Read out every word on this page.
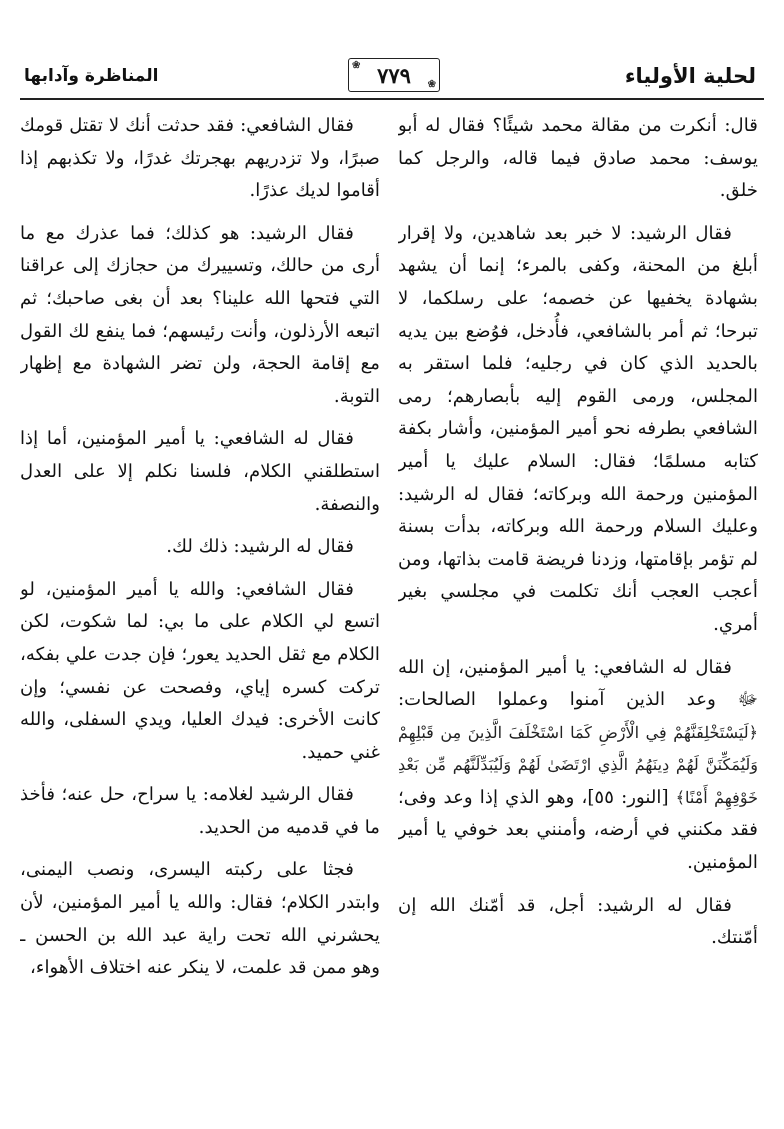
لحلية الأولياء
❀ ٧٧٩ ❀
المناظرة وآدابها

قال: أنكرت من مقالة محمد شيئًا؟ فقال له أبو يوسف: محمد صادق فيما قاله، والرجل كما خلق.

فقال الرشيد: لا خبر بعد شاهدين، ولا إقرار أبلغ من المحنة، وكفى بالمرء؛ إنما أن يشهد بشهادة يخفيها عن خصمه؛ على رسلكما، لا تبرحا؛ ثم أمر بالشافعي، فأُدخل، فوُضع بين يديه بالحديد الذي كان في رجليه؛ فلما استقر به المجلس، ورمى القوم إليه بأبصارهم؛ رمى الشافعي بطرفه نحو أمير المؤمنين، وأشار بكفة كتابه مسلمًا؛ فقال: السلام عليك يا أمير المؤمنين ورحمة الله وبركاته؛ فقال له الرشيد: وعليك السلام ورحمة الله وبركاته، بدأت بسنة لم تؤمر بإقامتها، وزدنا فريضة قامت بذاتها، ومن أعجب العجب أنك تكلمت في مجلسي بغير أمري.

فقال له الشافعي: يا أمير المؤمنين، إن الله ﷻ وعد الذين آمنوا وعملوا الصالحات: ﴿لَيَسْتَخْلِفَنَّهُمْ فِي الْأَرْضِ كَمَا اسْتَخْلَفَ الَّذِينَ مِن قَبْلِهِمْ وَلَيُمَكِّنَنَّ لَهُمْ دِينَهُمُ الَّذِي ارْتَضَىٰ لَهُمْ وَلَيُبَدِّلَنَّهُم مِّن بَعْدِ خَوْفِهِمْ أَمْنًا﴾ [النور: ٥٥]، وهو الذي إذا وعد وفى؛ فقد مكنني في أرضه، وأمنني بعد خوفي يا أمير المؤمنين.

فقال له الرشيد: أجل، قد أمّنك الله إن أمّنتك.

فقال الشافعي: فقد حدثت أنك لا تقتل قومك صبرًا، ولا تزدريهم بهجرتك غدرًا، ولا تكذبهم إذا أقاموا لديك عذرًا.

فقال الرشيد: هو كذلك؛ فما عذرك مع ما أرى من حالك، وتسييرك من حجازك إلى عراقنا التي فتحها الله علينا؟ بعد أن بغى صاحبك؛ ثم اتبعه الأرذلون، وأنت رئيسهم؛ فما ينفع لك القول مع إقامة الحجة، ولن تضر الشهادة مع إظهار التوبة.

فقال له الشافعي: يا أمير المؤمنين، أما إذا استطلقني الكلام، فلسنا نكلم إلا على العدل والنصفة.

فقال له الرشيد: ذلك لك.

فقال الشافعي: والله يا أمير المؤمنين، لو اتسع لي الكلام على ما بي: لما شكوت، لكن الكلام مع ثقل الحديد يعور؛ فإن جدت علي بفكه، تركت كسره إياي، وفصحت عن نفسي؛ وإن كانت الأخرى: فيدك العليا، ويدي السفلى، والله غني حميد.

فقال الرشيد لغلامه: يا سراح، حل عنه؛ فأخذ ما في قدميه من الحديد.

فجثا على ركبته اليسرى، ونصب اليمنى، وابتدر الكلام؛ فقال: والله يا أمير المؤمنين، لأن يحشرني الله تحت راية عبد الله بن الحسن ـ وهو ممن قد علمت، لا ينكر عنه اختلاف الأهواء،
